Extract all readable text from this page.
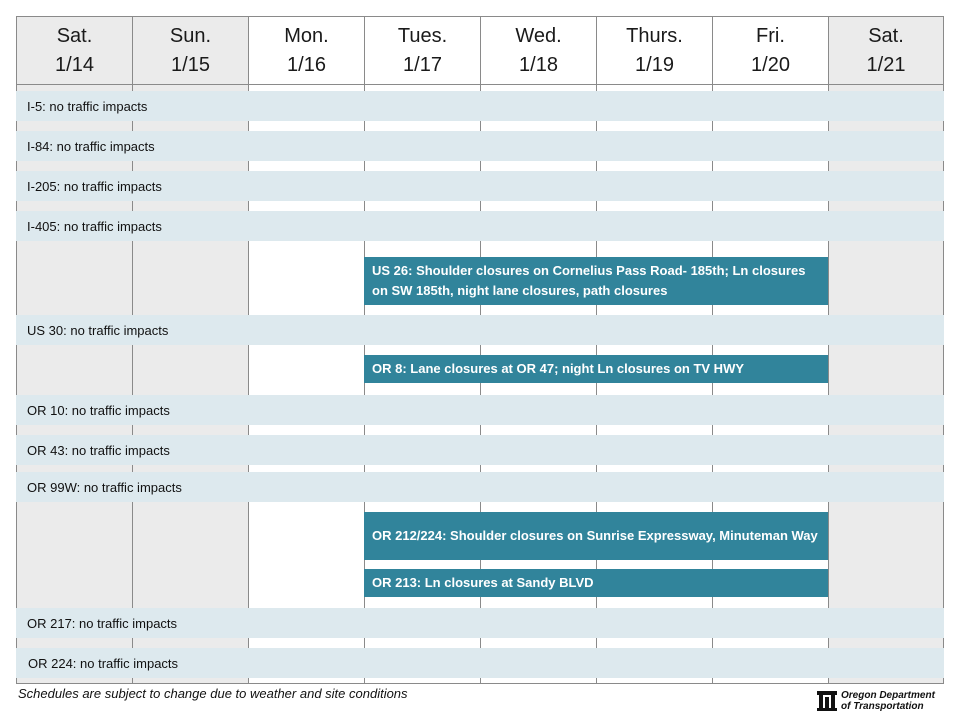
Sat.
1/14
Sun.
1/15
Mon.
1/16
Tues.
1/17
Wed.
1/18
Thurs.
1/19
Fri.
1/20
Sat.
1/21
I-5: no traffic impacts
I-84: no traffic impacts
I-205: no traffic impacts
I-405: no traffic impacts
US 30: no traffic impacts
OR 10: no traffic impacts
OR 43: no traffic impacts
OR 99W: no traffic impacts
OR 217: no traffic impacts
OR 224: no traffic impacts
US 26: Shoulder closures on Cornelius Pass Road- 185th; Ln closures on SW 185th, night lane closures, path closures
OR 8: Lane closures at OR 47; night Ln closures on TV HWY
OR 212/224: Shoulder closures on Sunrise Expressway, Minuteman Way
OR 213: Ln closures at Sandy BLVD
Schedules are subject to change due to weather and site conditions	Oregon Department
of Transportation
